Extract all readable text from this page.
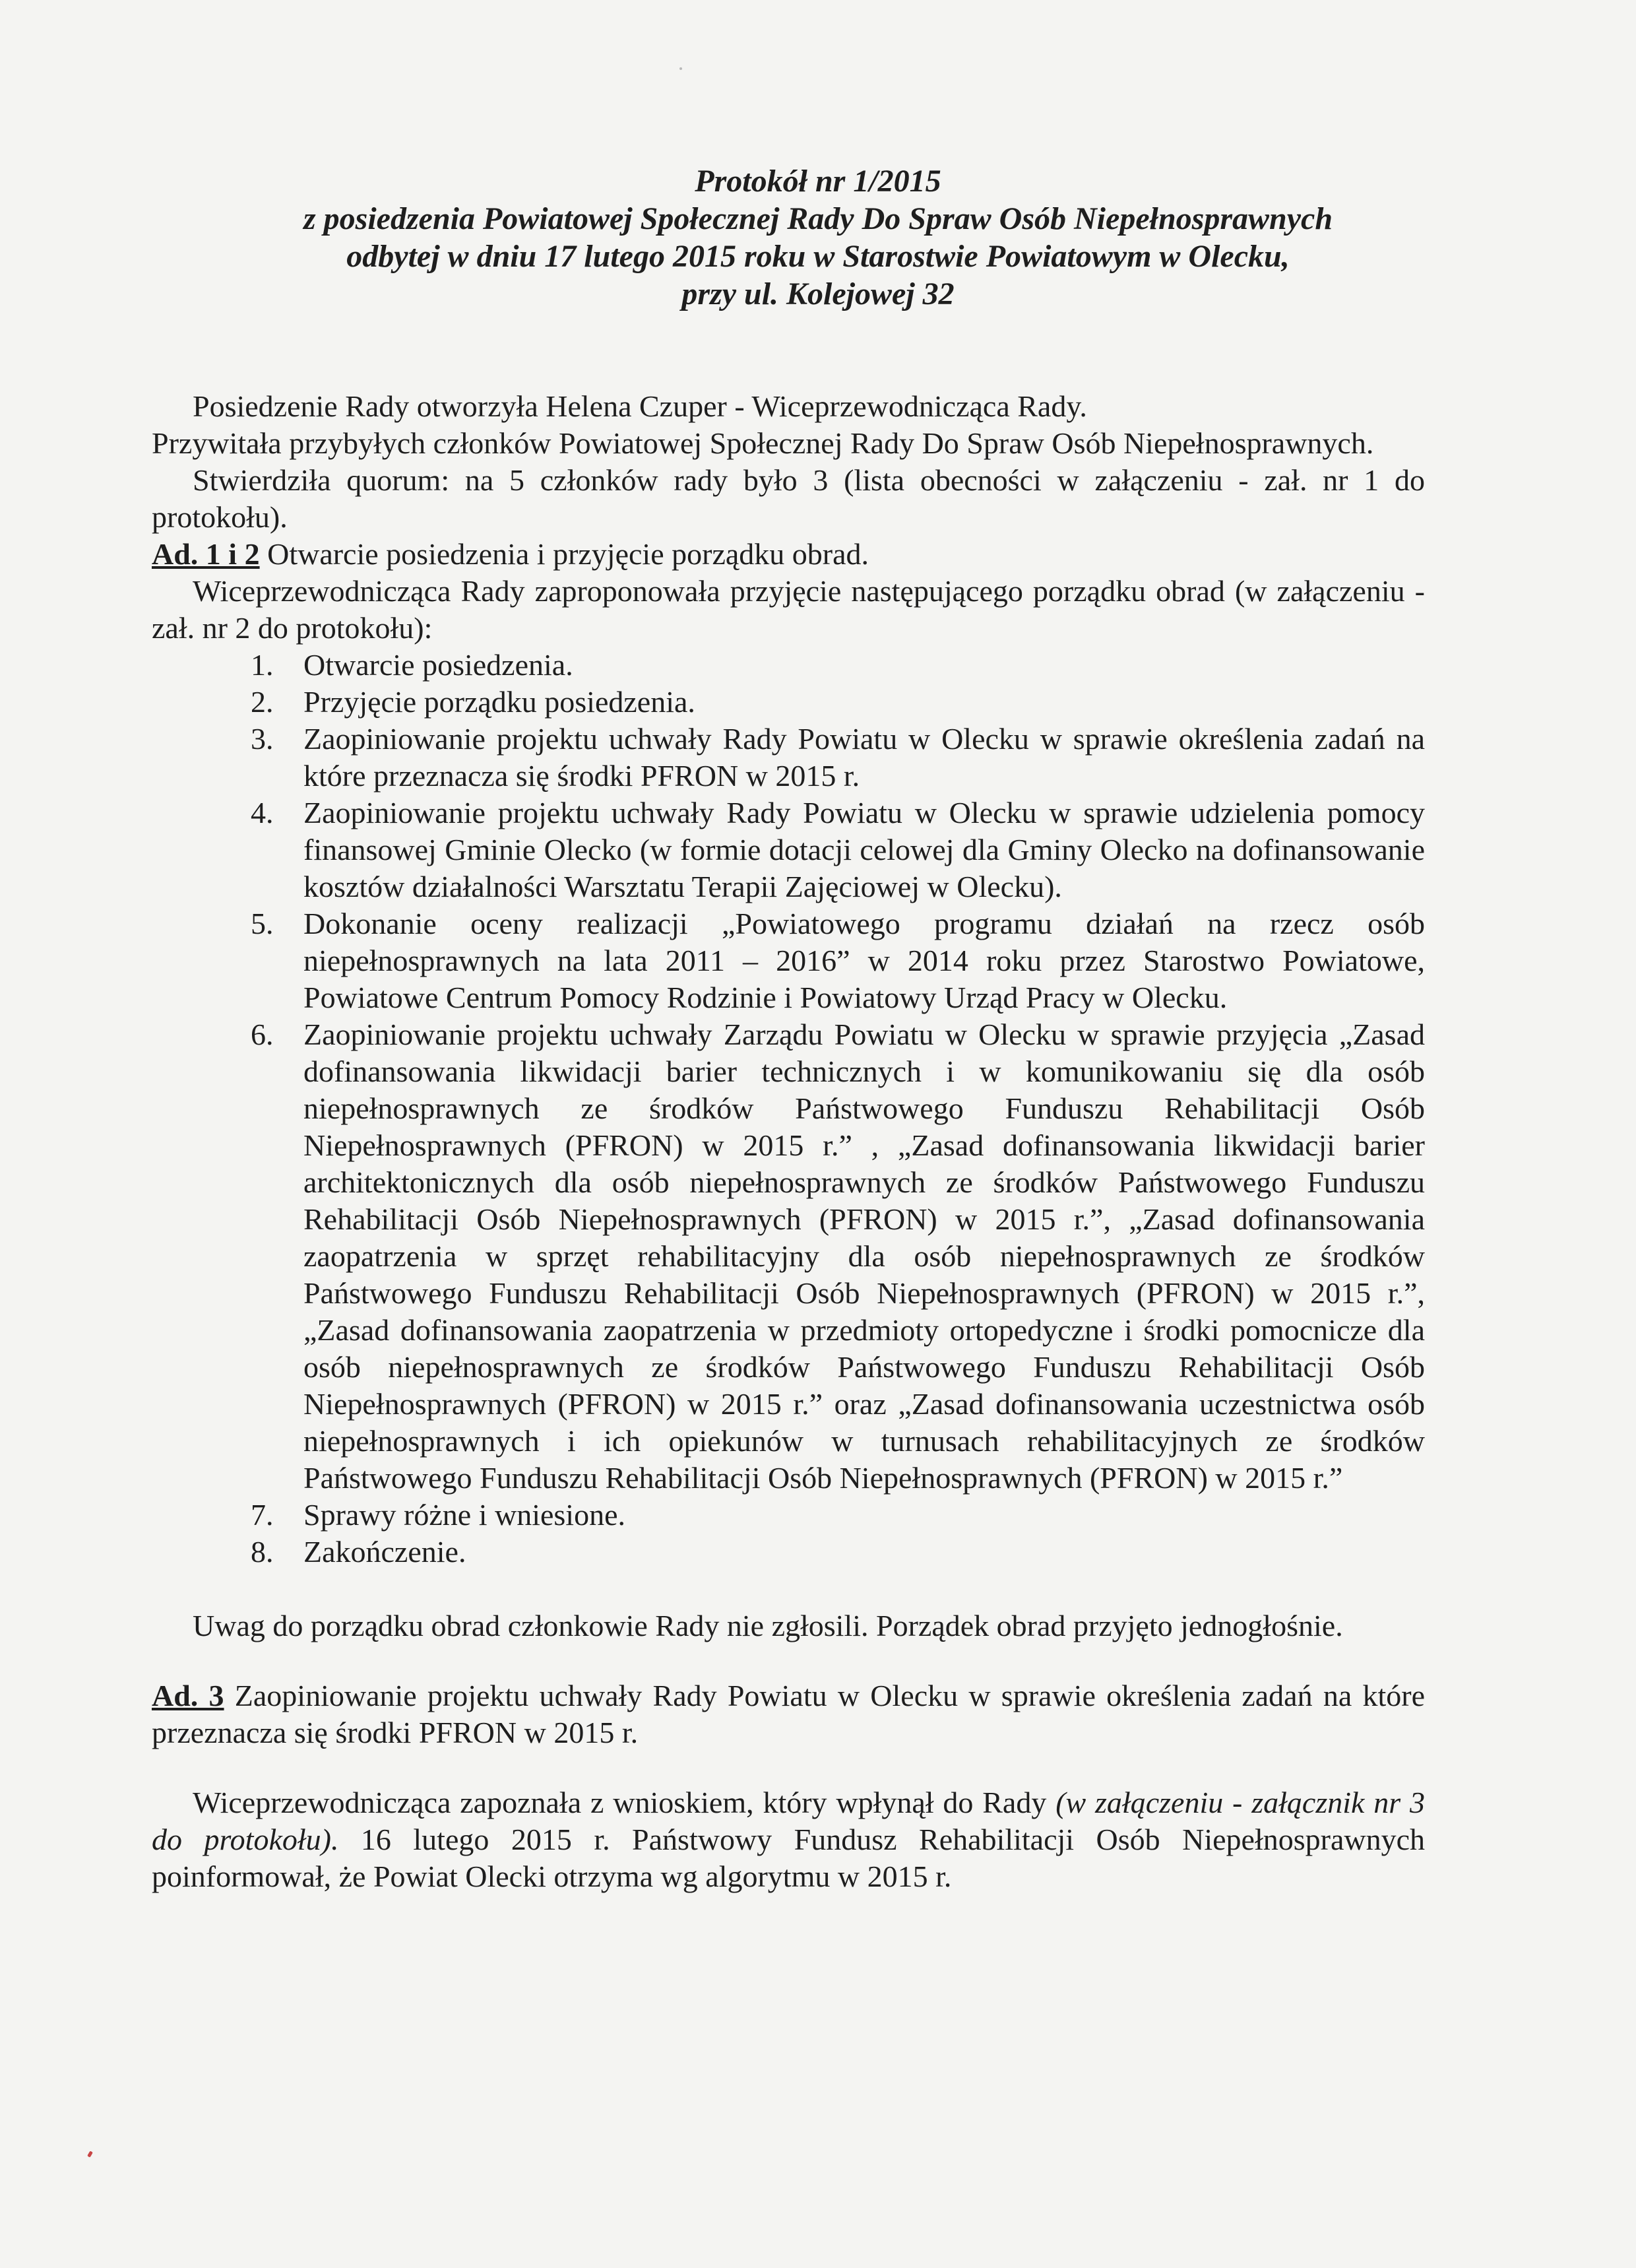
Protokół nr 1/2015
z posiedzenia Powiatowej Społecznej Rady Do Spraw Osób Niepełnosprawnych
odbytej w dniu 17 lutego 2015 roku w Starostwie Powiatowym w Olecku,
przy ul. Kolejowej 32

Posiedzenie Rady otworzyła Helena Czuper - Wiceprzewodnicząca Rady.

Przywitała przybyłych członków Powiatowej Społecznej Rady Do Spraw Osób Niepełnosprawnych.

Stwierdziła quorum: na 5 członków rady było 3 (lista obecności w załączeniu - zał. nr 1 do protokołu).

Ad. 1 i 2 Otwarcie posiedzenia i przyjęcie porządku obrad.

Wiceprzewodnicząca Rady zaproponowała przyjęcie następującego porządku obrad (w załączeniu - zał. nr 2 do protokołu):

1. Otwarcie posiedzenia.
2. Przyjęcie porządku posiedzenia.
3. Zaopiniowanie projektu uchwały Rady Powiatu w Olecku w sprawie określenia zadań na które przeznacza się środki PFRON w 2015 r.
4. Zaopiniowanie projektu uchwały Rady Powiatu w Olecku w sprawie udzielenia pomocy finansowej Gminie Olecko (w formie dotacji celowej dla Gminy Olecko na dofinansowanie kosztów działalności Warsztatu Terapii Zajęciowej w Olecku).
5. Dokonanie oceny realizacji „Powiatowego programu działań na rzecz osób niepełnosprawnych na lata 2011 – 2016” w 2014 roku przez Starostwo Powiatowe, Powiatowe Centrum Pomocy Rodzinie i Powiatowy Urząd Pracy w Olecku.
6. Zaopiniowanie projektu uchwały Zarządu Powiatu w Olecku w sprawie przyjęcia „Zasad dofinansowania likwidacji barier technicznych i w komunikowaniu się dla osób niepełnosprawnych ze środków Państwowego Funduszu Rehabilitacji Osób Niepełnosprawnych (PFRON) w 2015 r.” , „Zasad dofinansowania likwidacji barier architektonicznych dla osób niepełnosprawnych ze środków Państwowego Funduszu Rehabilitacji Osób Niepełnosprawnych (PFRON) w 2015 r.”, „Zasad dofinansowania zaopatrzenia w sprzęt rehabilitacyjny dla osób niepełnosprawnych ze środków Państwowego Funduszu Rehabilitacji Osób Niepełnosprawnych (PFRON) w 2015 r.”, „Zasad dofinansowania zaopatrzenia w przedmioty ortopedyczne i środki pomocnicze dla osób niepełnosprawnych ze środków Państwowego Funduszu Rehabilitacji Osób Niepełnosprawnych (PFRON) w 2015 r.” oraz „Zasad dofinansowania uczestnictwa osób niepełnosprawnych i ich opiekunów w turnusach rehabilitacyjnych ze środków Państwowego Funduszu Rehabilitacji Osób Niepełnosprawnych (PFRON) w 2015 r.”
7. Sprawy różne i wniesione.
8. Zakończenie.

Uwag do porządku obrad członkowie Rady nie zgłosili. Porządek obrad przyjęto jednogłośnie.

Ad. 3 Zaopiniowanie projektu uchwały Rady Powiatu w Olecku w sprawie określenia zadań na które przeznacza się środki PFRON w 2015 r.

Wiceprzewodnicząca zapoznała z wnioskiem, który wpłynął do Rady (w załączeniu - załącznik nr 3 do protokołu). 16 lutego 2015 r. Państwowy Fundusz Rehabilitacji Osób Niepełnosprawnych poinformował, że Powiat Olecki otrzyma wg algorytmu w 2015 r.
